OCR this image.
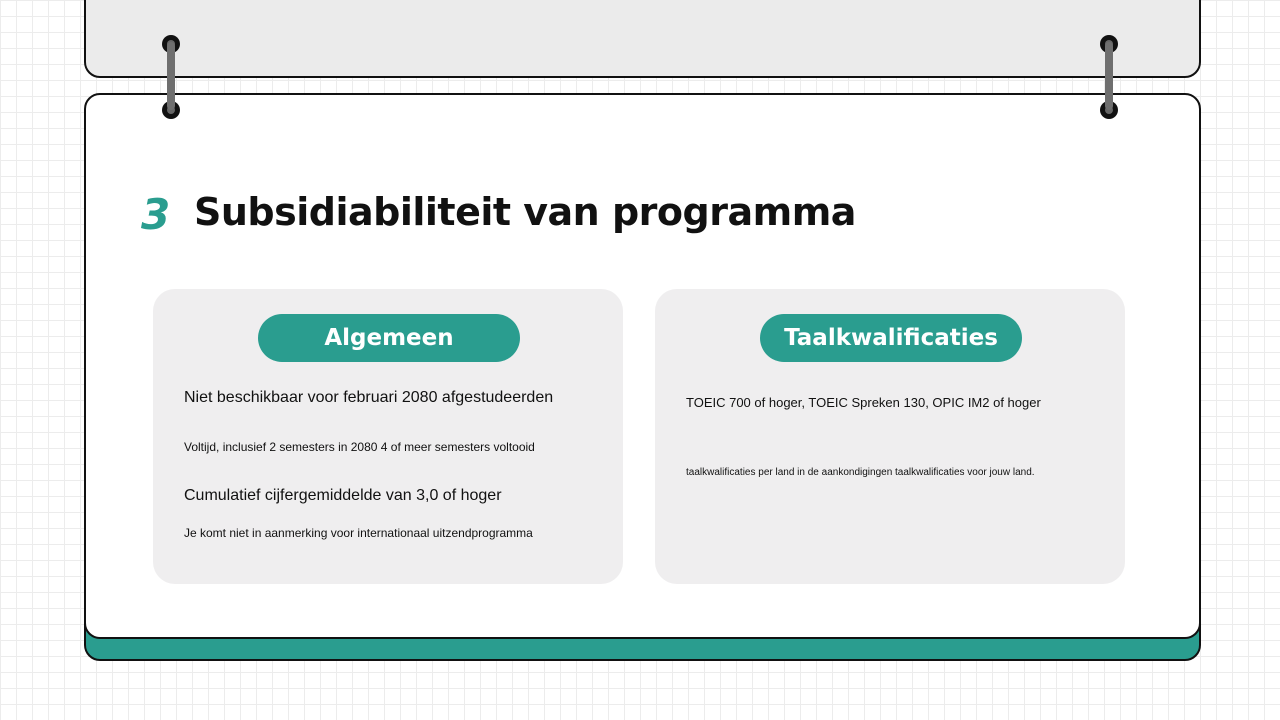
3 Subsidiabiliteit van programma
Algemeen
Niet beschikbaar voor februari 2080 afgestudeerden
Voltijd, inclusief 2 semesters in 2080 4 of meer semesters voltooid
Cumulatief cijfergemiddelde van 3,0 of hoger
Je komt niet in aanmerking voor internationaal uitzendprogramma
Taalkwalificaties
TOEIC 700 of hoger, TOEIC Spreken 130, OPIC IM2 of hoger
taalkwalificaties per land in de aankondigingen taalkwalificaties voor jouw land.
